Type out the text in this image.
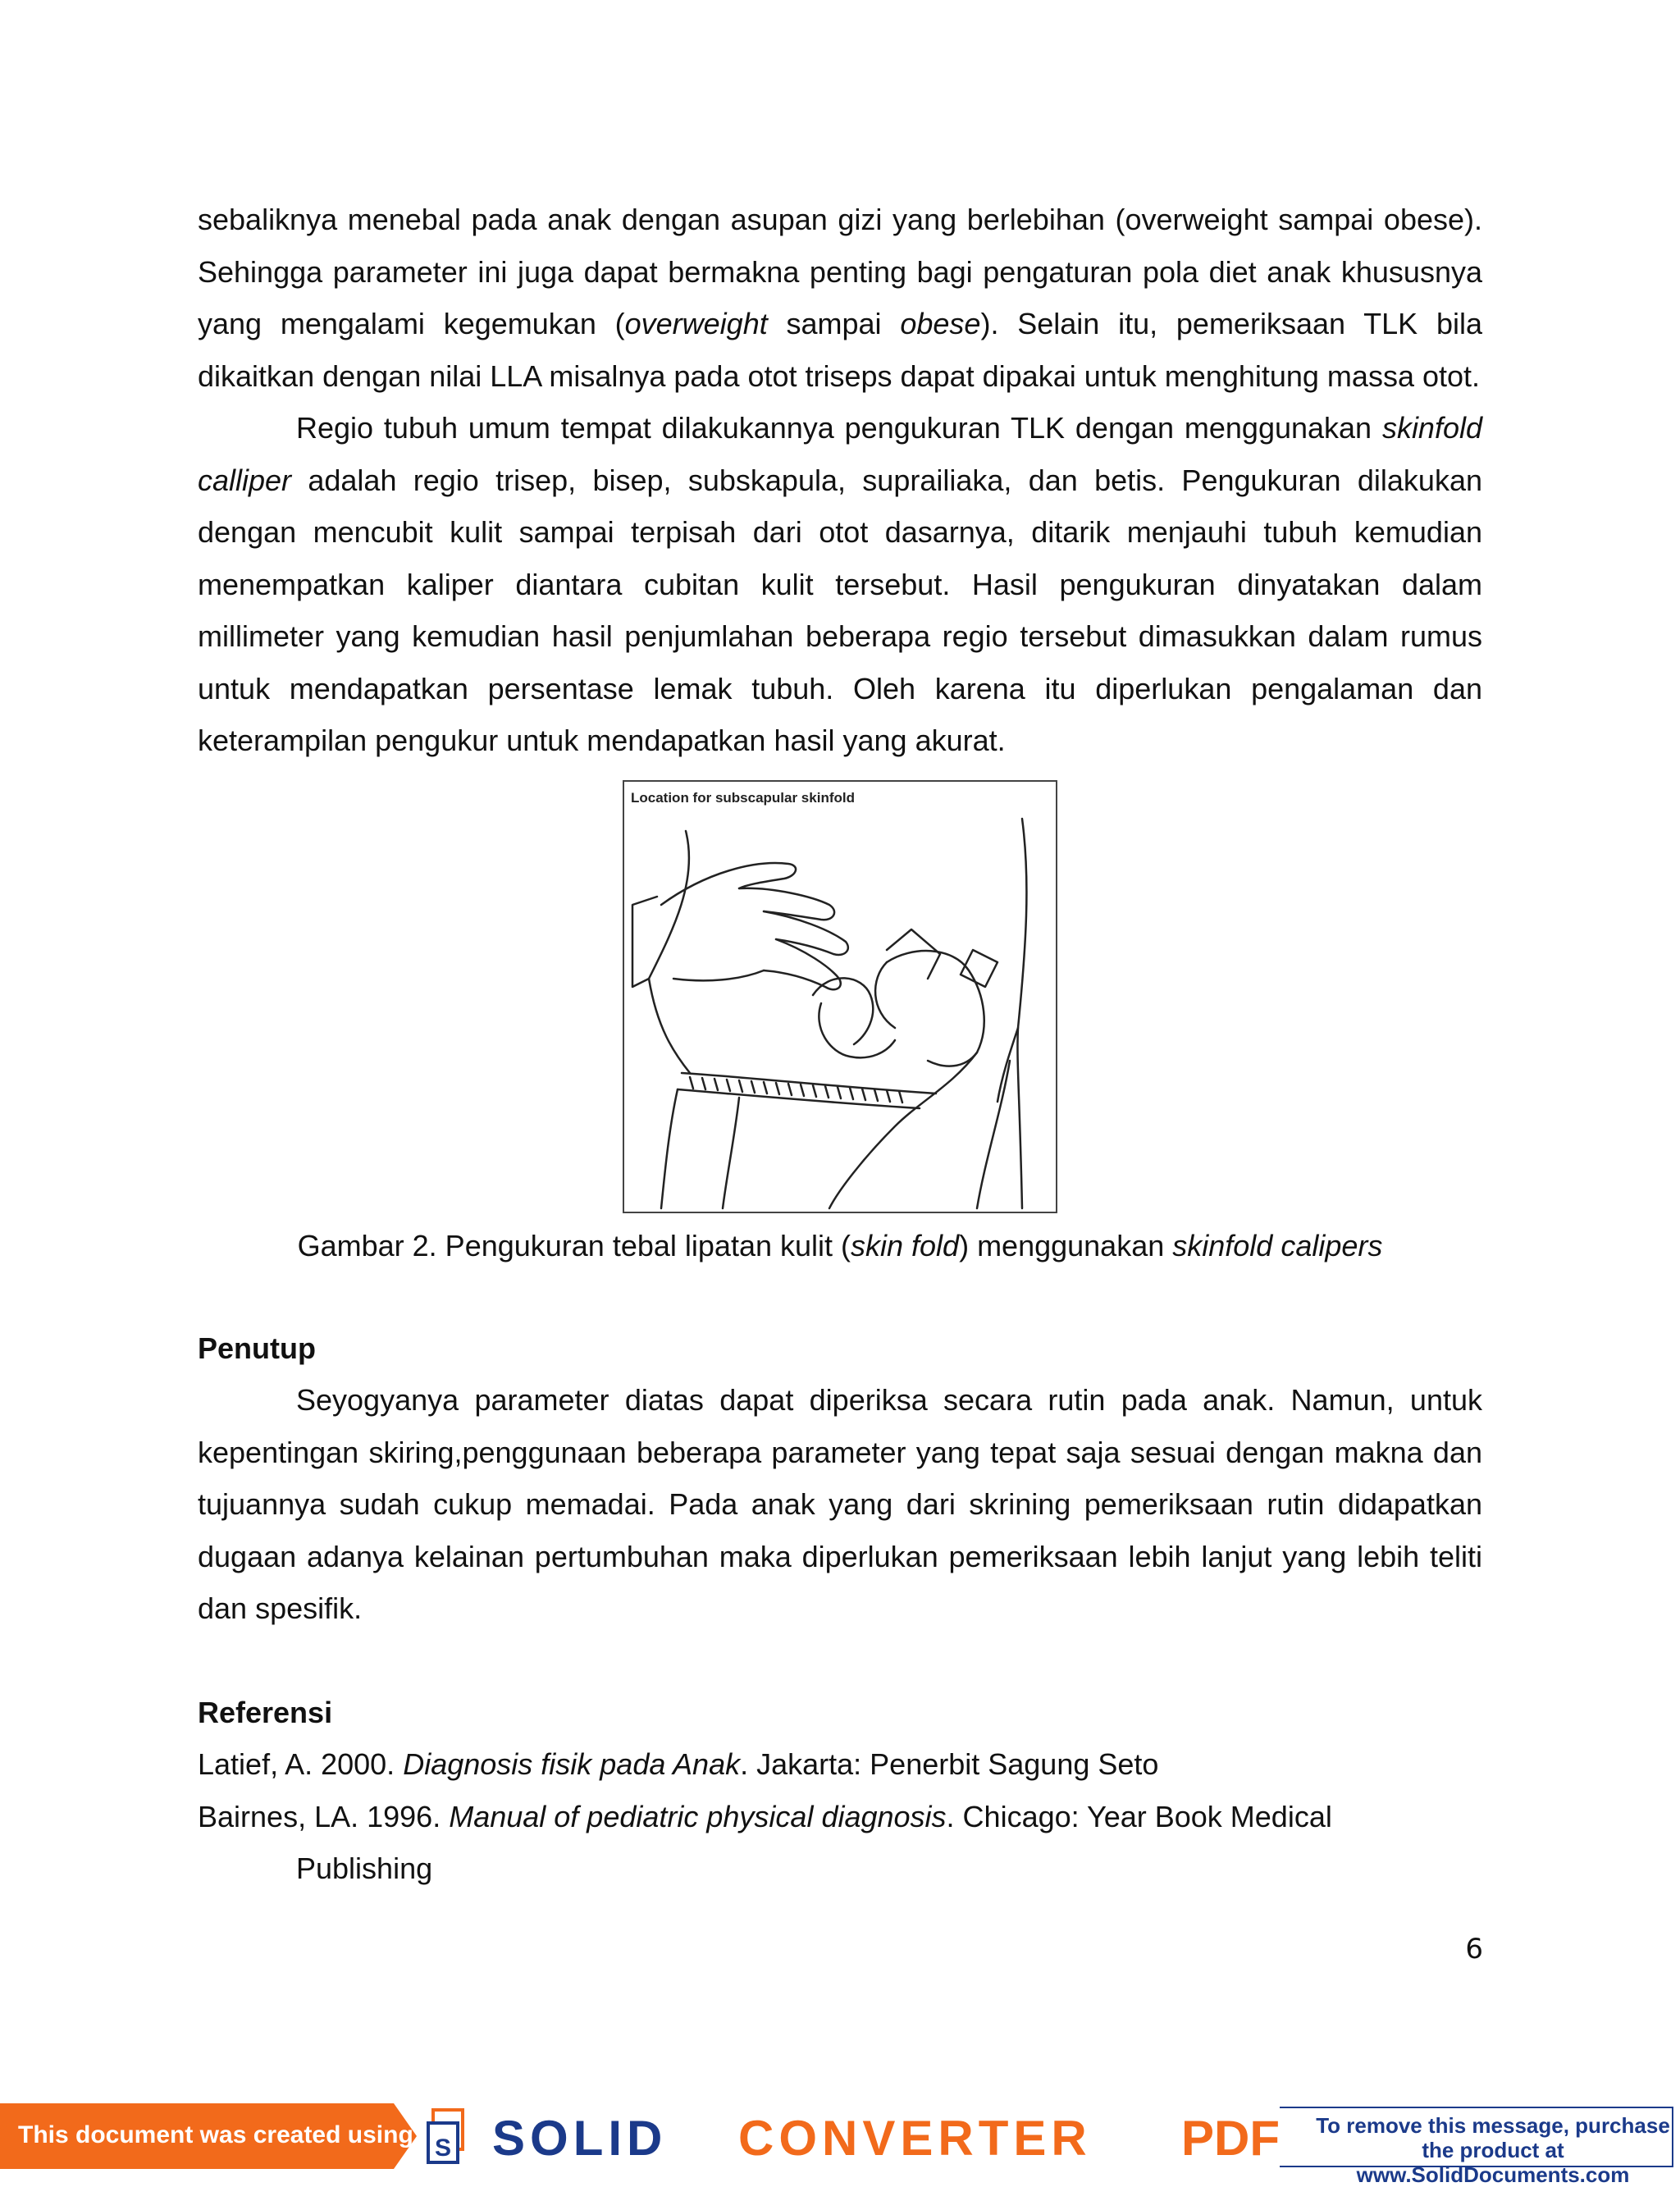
sebaliknya menebal pada anak dengan asupan gizi yang berlebihan (overweight sampai obese). Sehingga parameter ini juga dapat bermakna penting bagi pengaturan pola diet anak khususnya yang mengalami kegemukan (overweight sampai obese). Selain itu, pemeriksaan TLK bila dikaitkan dengan nilai LLA misalnya pada otot triseps dapat dipakai untuk menghitung massa otot.

Regio tubuh umum tempat dilakukannya pengukuran TLK dengan menggunakan skinfold calliper adalah regio trisep, bisep, subskapula, suprailiaka, dan betis. Pengukuran dilakukan dengan mencubit kulit sampai terpisah dari otot dasarnya, ditarik menjauhi tubuh kemudian menempatkan kaliper diantara cubitan kulit tersebut. Hasil pengukuran dinyatakan dalam millimeter yang kemudian hasil penjumlahan beberapa regio tersebut dimasukkan dalam rumus untuk mendapatkan persentase lemak tubuh. Oleh karena itu diperlukan pengalaman dan keterampilan pengukur untuk mendapatkan hasil yang akurat.

Location for subscapular skinfold
Gambar 2. Pengukuran tebal lipatan kulit (skin fold) menggunakan skinfold calipers
Penutup

Seyogyanya parameter diatas dapat diperiksa secara rutin pada anak. Namun, untuk kepentingan skiring,penggunaan beberapa parameter yang tepat saja sesuai dengan makna dan tujuannya sudah cukup memadai. Pada anak yang dari skrining pemeriksaan rutin didapatkan dugaan adanya kelainan pertumbuhan maka diperlukan pemeriksaan lebih lanjut yang lebih teliti dan spesifik.

Referensi
Latief, A. 2000. Diagnosis fisik pada Anak. Jakarta: Penerbit Sagung Seto
Bairnes, LA. 1996. Manual of pediatric physical diagnosis. Chicago: Year Book Medical
Publishing
6
This document was created using S SOLID CONVERTER PDF To remove this message, purchase the product at www.SolidDocuments.com
